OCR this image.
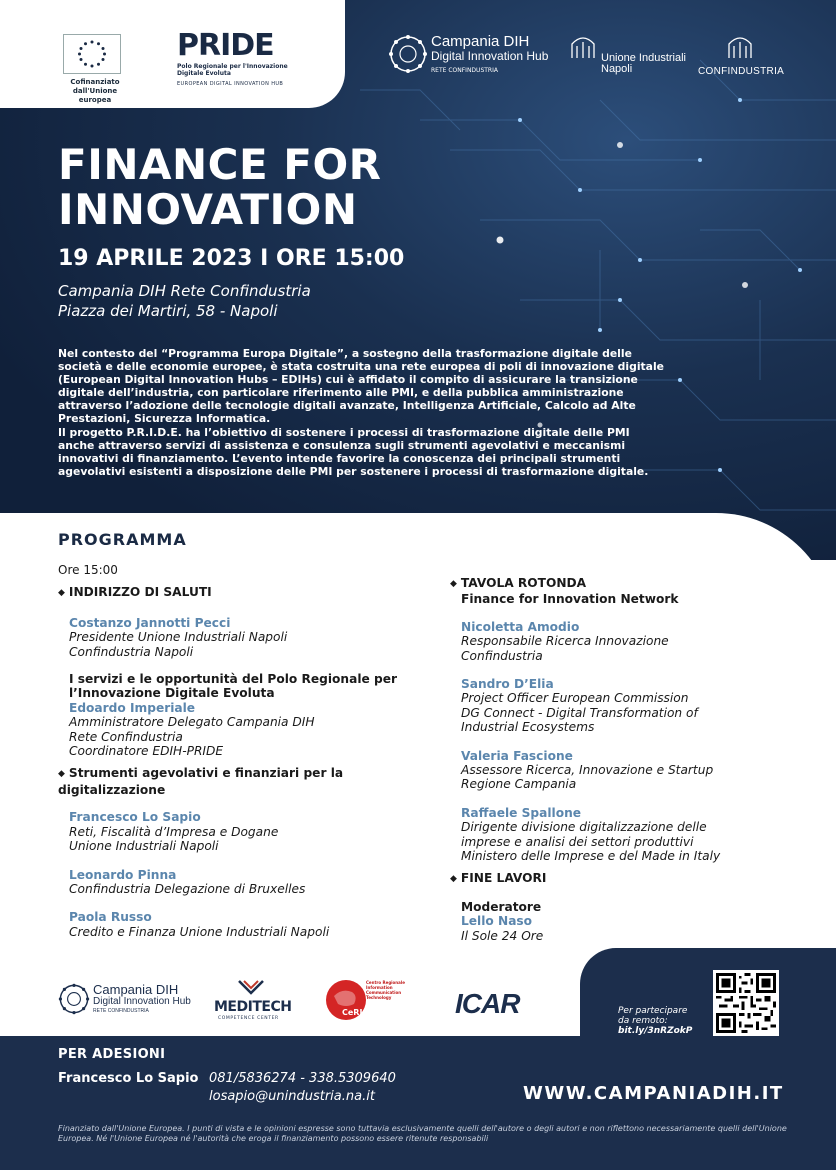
Cofinanziato dall'Unione europea
PRIDE
Polo Regionale per l'Innovazione Digitale Evoluta
EUROPEAN DIGITAL INNOVATION HUB
Campania DIH
Digital Innovation Hub
RETE CONFINDUSTRIA
Unione Industriali
Napoli	CONFINDUSTRIA
FINANCE FOR
INNOVATION
19 APRILE 2023 I ORE 15:00
Campania DIH Rete Confindustria
Piazza dei Martiri, 58 - Napoli
Nel contesto del “Programma Europa Digitale”, a sostegno della trasformazione digitale delle società e delle economie europee, è stata costruita una rete europea di poli di innovazione digitale (European Digital Innovation Hubs – EDIHs) cui è affidato il compito di assicurare la transizione digitale dell’industria, con particolare riferimento alle PMI, e della pubblica amministrazione attraverso l’adozione delle tecnologie digitali avanzate, Intelligenza Artificiale, Calcolo ad Alte Prestazioni, Sicurezza Informatica.
Il progetto P.R.I.D.E. ha l’obiettivo di sostenere i processi di trasformazione digitale delle PMI anche attraverso servizi di assistenza e consulenza sugli strumenti agevolativi e meccanismi innovativi di finanziamento. L’evento intende favorire la conoscenza dei principali strumenti agevolativi esistenti a disposizione delle PMI per sostenere i processi di trasformazione digitale.
PROGRAMMA
Ore 15:00
◆ INDIRIZZO DI SALUTI
Costanzo Jannotti Pecci
Presidente Unione Industriali Napoli
Confindustria Napoli
I servizi e le opportunità del Polo Regionale per l’Innovazione Digitale Evoluta
Edoardo Imperiale
Amministratore Delegato Campania DIH
Rete Confindustria
Coordinatore EDIH-PRIDE
◆ Strumenti agevolativi e finanziari per la digitalizzazione
Francesco Lo Sapio
Reti, Fiscalità d’Impresa e Dogane
Unione Industriali Napoli
Leonardo Pinna
Confindustria Delegazione di Bruxelles
Paola Russo
Credito e Finanza Unione Industriali Napoli
◆ TAVOLA ROTONDA
Finance for Innovation Network
Nicoletta Amodio
Responsabile Ricerca Innovazione
Confindustria
Sandro D’Elia
Project Officer European Commission
DG Connect - Digital Transformation of
Industrial Ecosystems
Valeria Fascione
Assessore Ricerca, Innovazione e Startup
Regione Campania
Raffaele Spallone
Dirigente divisione digitalizzazione delle
imprese e analisi dei settori produttivi
Ministero delle Imprese e del Made in Italy
◆ FINE LAVORI
Moderatore
Lello Naso
Il Sole 24 Ore
Campania DIH
Digital Innovation Hub
RETE CONFINDUSTRIA	MEDITECH
COMPETENCE CENTER
CeRICT
Centro Regionale Information Communication Technology	ICAR	Per partecipare
da remoto:
bit.ly/3nRZokP
PER ADESIONI
Francesco Lo Sapio 081/5836274 - 338.5309640
losapio@unindustria.na.it	WWW.CAMPANIADIH.IT
Finanziato dall'Unione Europea. I punti di vista e le opinioni espresse sono tuttavia esclusivamente quelli dell'autore o degli autori e non riflettono necessariamente quelli dell'Unione Europea. Né l'Unione Europea né l'autorità che eroga il finanziamento possono essere ritenute responsabili
